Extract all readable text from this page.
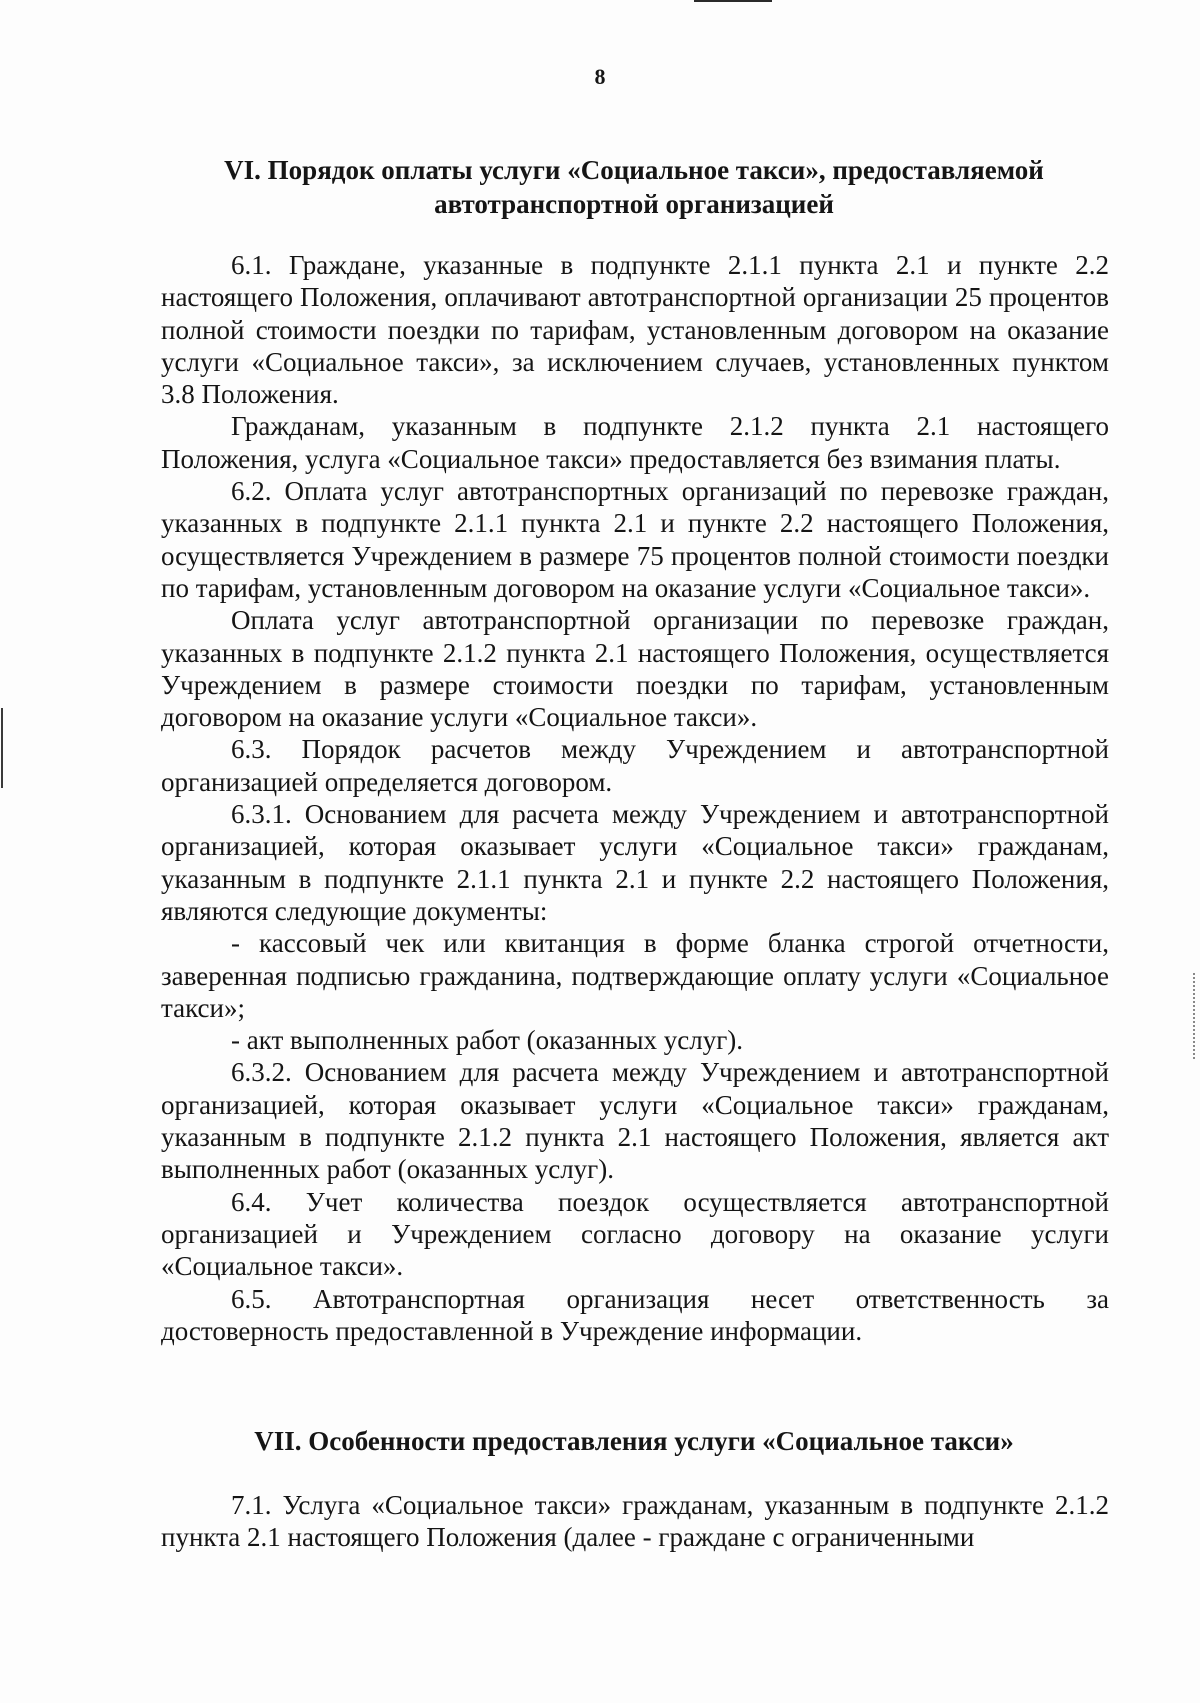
8
VI. Порядок оплаты услуги «Социальное такси», предоставляемой
автотранспортной организацией

6.1. Граждане, указанные в подпункте 2.1.1 пункта 2.1 и пункте 2.2 настоящего Положения, оплачивают автотранспортной организации 25 процентов полной стоимости поездки по тарифам, установленным договором на оказание услуги «Социальное такси», за исключением случаев, установленных пунктом 3.8 Положения.

Гражданам, указанным в подпункте 2.1.2 пункта 2.1 настоящего Положения, услуга «Социальное такси» предоставляется без взимания платы.

6.2. Оплата услуг автотранспортных организаций по перевозке граждан, указанных в подпункте 2.1.1 пункта 2.1 и пункте 2.2 настоящего Положения, осуществляется Учреждением в размере 75 процентов полной стоимости поездки по тарифам, установленным договором на оказание услуги «Социальное такси».

Оплата услуг автотранспортной организации по перевозке граждан, указанных в подпункте 2.1.2 пункта 2.1 настоящего Положения, осуществляется Учреждением в размере стоимости поездки по тарифам, установленным договором на оказание услуги «Социальное такси».

6.3. Порядок расчетов между Учреждением и автотранспортной организацией определяется договором.

6.3.1. Основанием для расчета между Учреждением и автотранспортной организацией, которая оказывает услуги «Социальное такси» гражданам, указанным в подпункте 2.1.1 пункта 2.1 и пункте 2.2 настоящего Положения, являются следующие документы:

- кассовый чек или квитанция в форме бланка строгой отчетности, заверенная подписью гражданина, подтверждающие оплату услуги «Социальное такси»;

- акт выполненных работ (оказанных услуг).

6.3.2. Основанием для расчета между Учреждением и автотранспортной организацией, которая оказывает услуги «Социальное такси» гражданам, указанным в подпункте 2.1.2 пункта 2.1 настоящего Положения, является акт выполненных работ (оказанных услуг).

6.4. Учет количества поездок осуществляется автотранспортной организацией и Учреждением согласно договору на оказание услуги «Социальное такси».

6.5. Автотранспортная организация несет ответственность за достоверность предоставленной в Учреждение информации.

VII. Особенности предоставления услуги «Социальное такси»

7.1. Услуга «Социальное такси» гражданам, указанным в подпункте 2.1.2 пункта 2.1 настоящего Положения (далее - граждане с ограниченными
